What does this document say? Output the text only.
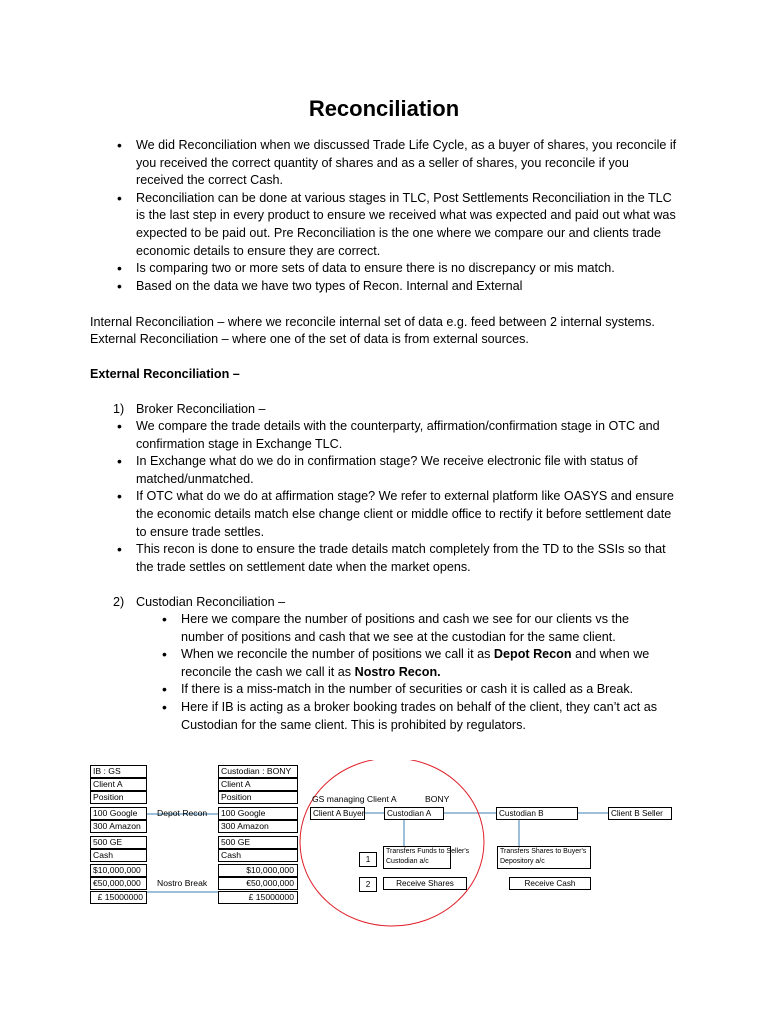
Reconciliation
• We did Reconciliation when we discussed Trade Life Cycle, as a buyer of shares, you reconcile if you received the correct quantity of shares and as a seller of shares, you reconcile if you received the correct Cash.
• Reconciliation can be done at various stages in TLC, Post Settlements Reconciliation in the TLC is the last step in every product to ensure we received what was expected and paid out what was expected to be paid out. Pre Reconciliation is the one where we compare our and clients trade economic details to ensure they are correct.
• Is comparing two or more sets of data to ensure there is no discrepancy or mis match.
• Based on the data we have two types of Recon. Internal and External

Internal Reconciliation – where we reconcile internal set of data e.g. feed between 2 internal systems.

External Reconciliation – where one of the set of data is from external sources.

External Reconciliation –

1) Broker Reconciliation –
• We compare the trade details with the counterparty, affirmation/confirmation stage in OTC and confirmation stage in Exchange TLC.
• In Exchange what do we do in confirmation stage? We receive electronic file with status of matched/unmatched.
• If OTC what do we do at affirmation stage? We refer to external platform like OASYS and ensure the economic details match else change client or middle office to rectify it before settlement date to ensure trade settles.
• This recon is done to ensure the trade details match completely from the TD to the SSIs so that the trade settles on settlement date when the market opens.
2) Custodian Reconciliation –
• Here we compare the number of positions and cash we see for our clients vs the number of positions and cash that we see at the custodian for the same client.
• When we reconcile the number of positions we call it as Depot Recon and when we reconcile the cash we call it as Nostro Recon.
• If there is a miss-match in the number of securities or cash it is called as a Break.
• Here if IB is acting as a broker booking trades on behalf of the client, they can’t act as Custodian for the same client. This is prohibited by regulators.
IB : GS
Client A
Position
100 Google
300 Amazon
500 GE
Cash
$10,000,000
€50,000,000
£ 15000000
Depot Recon
Nostro Break
Custodian : BONY
Client A
Position
100 Google
300 Amazon
500 GE
Cash
$10,000,000
€50,000,000
£ 15000000
GS managing Client A	BONY
Client A Buyer	Custodian A	Custodian B	Client B Seller
Transfers Funds to Seller's
Custodian a/c
Transfers Shares to Buyer's
Depository a/c
1
2	Receive Shares	Receive Cash
